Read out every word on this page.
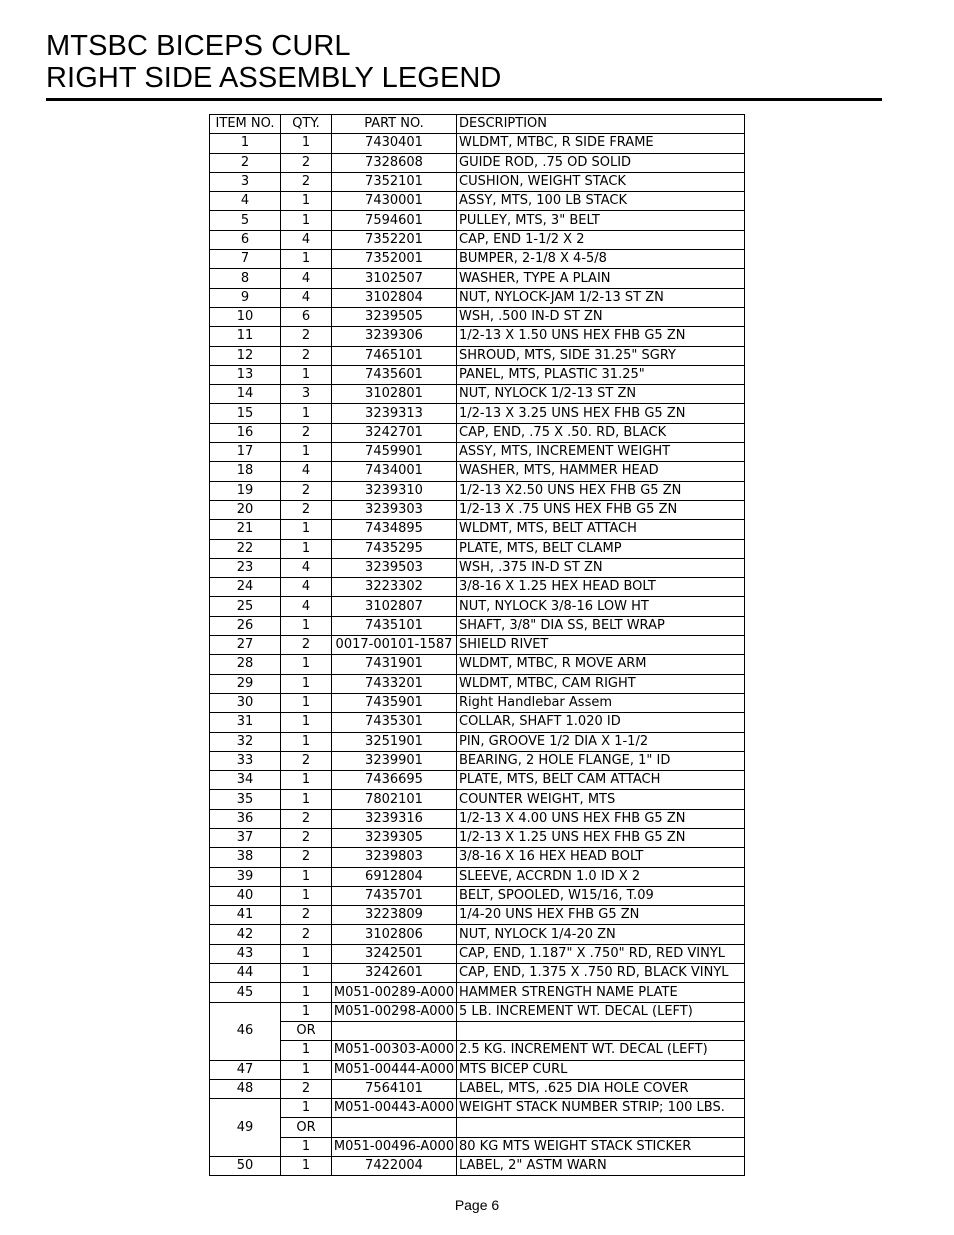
MTSBC BICEPS CURL
RIGHT SIDE ASSEMBLY LEGEND
ITEM NO.	QTY.	PART NO.	DESCRIPTION
1	1	7430401	WLDMT, MTBC, R SIDE FRAME
2	2	7328608	GUIDE ROD, .75 OD SOLID
3	2	7352101	CUSHION, WEIGHT STACK
4	1	7430001	ASSY, MTS, 100 LB STACK
5	1	7594601	PULLEY, MTS, 3" BELT
6	4	7352201	CAP, END 1-1/2 X 2
7	1	7352001	BUMPER, 2-1/8 X 4-5/8
8	4	3102507	WASHER, TYPE A PLAIN
9	4	3102804	NUT, NYLOCK-JAM 1/2-13 ST ZN
10	6	3239505	WSH, .500 IN-D ST ZN
11	2	3239306	1/2-13 X 1.50 UNS HEX FHB G5 ZN
12	2	7465101	SHROUD, MTS, SIDE 31.25" SGRY
13	1	7435601	PANEL, MTS, PLASTIC 31.25"
14	3	3102801	NUT, NYLOCK 1/2-13 ST ZN
15	1	3239313	1/2-13 X 3.25 UNS HEX FHB G5 ZN
16	2	3242701	CAP, END, .75 X .50. RD, BLACK
17	1	7459901	ASSY, MTS, INCREMENT WEIGHT
18	4	7434001	WASHER, MTS, HAMMER HEAD
19	2	3239310	1/2-13 X2.50 UNS HEX FHB G5 ZN
20	2	3239303	1/2-13 X .75 UNS HEX FHB G5 ZN
21	1	7434895	WLDMT, MTS, BELT ATTACH
22	1	7435295	PLATE, MTS, BELT CLAMP
23	4	3239503	WSH, .375 IN-D ST ZN
24	4	3223302	3/8-16 X 1.25 HEX HEAD BOLT
25	4	3102807	NUT, NYLOCK 3/8-16 LOW HT
26	1	7435101	SHAFT, 3/8" DIA SS, BELT WRAP
27	2	0017-00101-1587	SHIELD RIVET
28	1	7431901	WLDMT, MTBC, R MOVE ARM
29	1	7433201	WLDMT, MTBC, CAM RIGHT
30	1	7435901	Right Handlebar Assem
31	1	7435301	COLLAR, SHAFT 1.020 ID
32	1	3251901	PIN, GROOVE 1/2 DIA X 1-1/2
33	2	3239901	BEARING, 2 HOLE FLANGE, 1" ID
34	1	7436695	PLATE, MTS, BELT CAM ATTACH
35	1	7802101	COUNTER WEIGHT, MTS
36	2	3239316	1/2-13 X 4.00 UNS HEX FHB G5 ZN
37	2	3239305	1/2-13 X 1.25 UNS HEX FHB G5 ZN
38	2	3239803	3/8-16 X 16 HEX HEAD BOLT
39	1	6912804	SLEEVE, ACCRDN 1.0 ID X 2
40	1	7435701	BELT, SPOOLED, W15/16, T.09
41	2	3223809	1/4-20 UNS HEX FHB G5 ZN
42	2	3102806	NUT, NYLOCK 1/4-20 ZN
43	1	3242501	CAP, END, 1.187" X .750" RD, RED VINYL
44	1	3242601	CAP, END, 1.375 X .750 RD, BLACK VINYL
45	1	M051-00289-A000	HAMMER STRENGTH NAME PLATE
46	1	M051-00298-A000	5 LB. INCREMENT WT. DECAL (LEFT)
	OR		
	1	M051-00303-A000	2.5 KG. INCREMENT WT. DECAL (LEFT)
47	1	M051-00444-A000	MTS BICEP CURL
48	2	7564101	LABEL, MTS, .625 DIA HOLE COVER
49	1	M051-00443-A000	WEIGHT STACK NUMBER STRIP; 100 LBS.
	OR		
	1	M051-00496-A000	80 KG MTS WEIGHT STACK STICKER
50	1	7422004	LABEL, 2" ASTM WARN
Page 6
